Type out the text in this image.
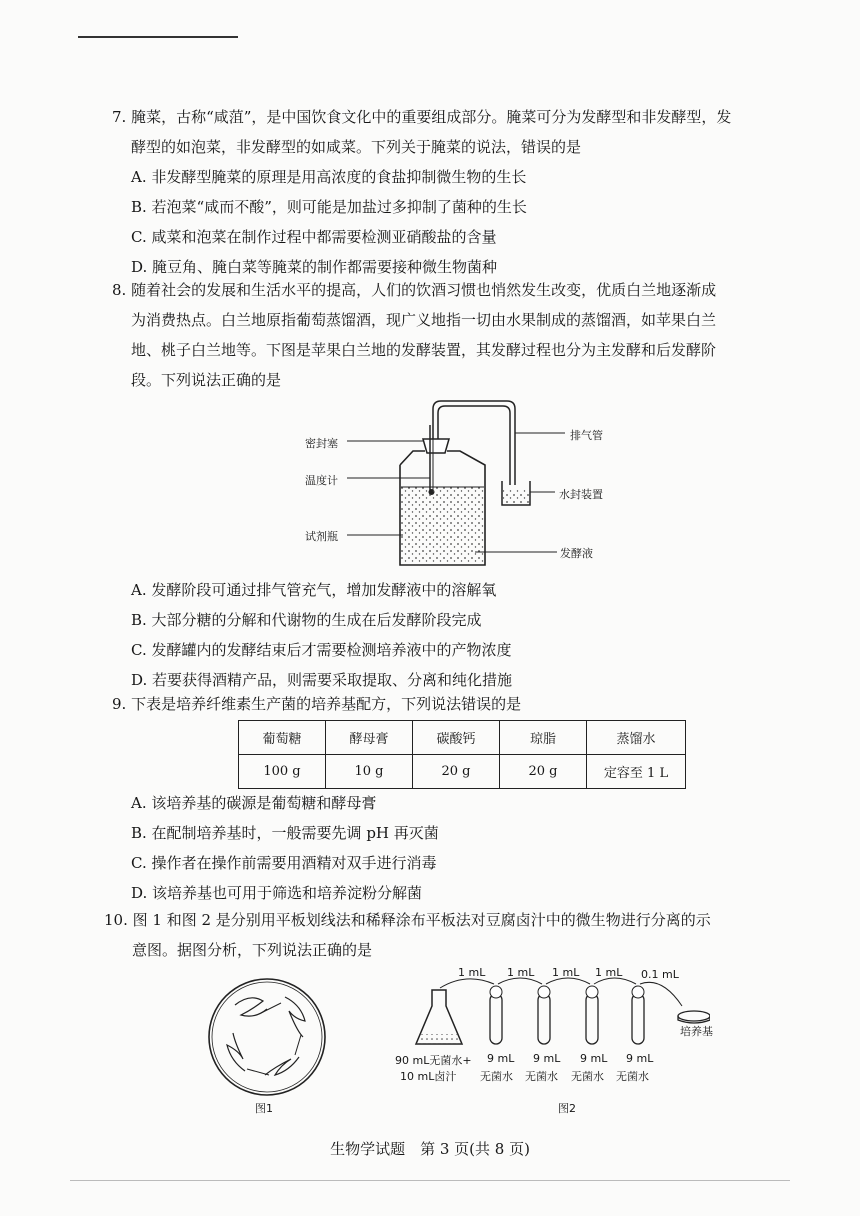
7. 腌菜，古称“咸菹”，是中国饮食文化中的重要组成部分。腌菜可分为发酵型和非发酵型，发

酵型的如泡菜，非发酵型的如咸菜。下列关于腌菜的说法，错误的是

A. 非发酵型腌菜的原理是用高浓度的食盐抑制微生物的生长

B. 若泡菜“咸而不酸”，则可能是加盐过多抑制了菌种的生长

C. 咸菜和泡菜在制作过程中都需要检测亚硝酸盐的含量

D. 腌豆角、腌白菜等腌菜的制作都需要接种微生物菌种

8. 随着社会的发展和生活水平的提高，人们的饮酒习惯也悄然发生改变，优质白兰地逐渐成

为消费热点。白兰地原指葡萄蒸馏酒，现广义地指一切由水果制成的蒸馏酒，如苹果白兰

地、桃子白兰地等。下图是苹果白兰地的发酵装置，其发酵过程也分为主发酵和后发酵阶

段。下列说法正确的是

密封塞
温度计
试剂瓶
排气管
水封装置
发酵液

A. 发酵阶段可通过排气管充气，增加发酵液中的溶解氧

B. 大部分糖的分解和代谢物的生成在后发酵阶段完成

C. 发酵罐内的发酵结束后才需要检测培养液中的产物浓度

D. 若要获得酒精产品，则需要采取提取、分离和纯化措施

9. 下表是培养纤维素生产菌的培养基配方，下列说法错误的是

葡萄糖	酵母膏	碳酸钙	琼脂	蒸馏水
100 g	10 g	20 g	20 g	定容至 1 L

A. 该培养基的碳源是葡萄糖和酵母膏

B. 在配制培养基时，一般需要先调 pH 再灭菌

C. 操作者在操作前需要用酒精对双手进行消毒

D. 该培养基也可用于筛选和培养淀粉分解菌

10. 图 1 和图 2 是分别用平板划线法和稀释涂布平板法对豆腐卤汁中的微生物进行分离的示

意图。据图分析，下列说法正确的是

图1
1 mL 1 mL 1 mL 1 mL 0.1 mL
培养基
90 mL无菌水+
10 mL卤汁
9 mL
无菌水
9 mL
无菌水
9 mL
无菌水
9 mL
无菌水
图2
生物学试题　第 3 页(共 8 页)
